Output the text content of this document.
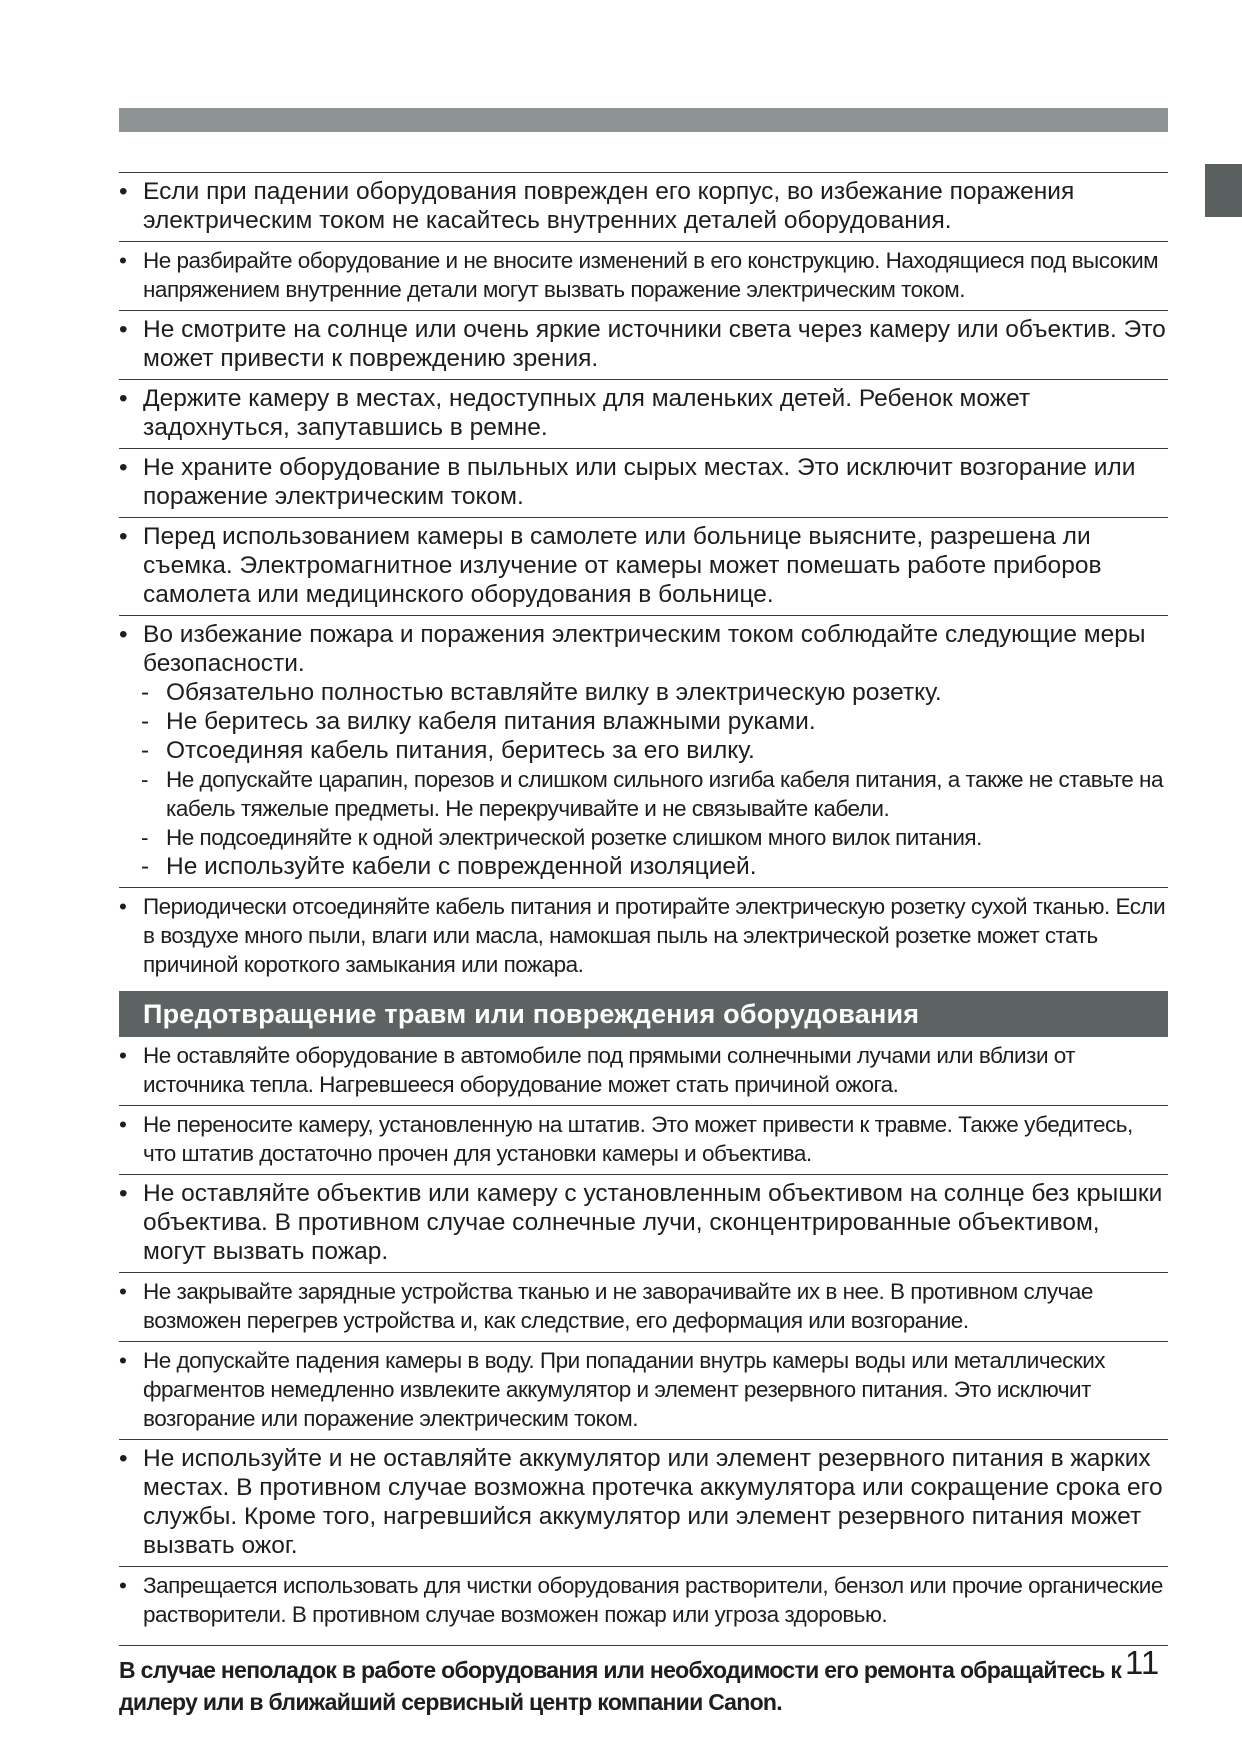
• Если при падении оборудования поврежден его корпус, во избежание поражения электрическим током не касайтесь внутренних деталей оборудования.
• Не разбирайте оборудование и не вносите изменений в его конструкцию. Находящиеся под высоким напряжением внутренние детали могут вызвать поражение электрическим током.
• Не смотрите на солнце или очень яркие источники света через камеру или объектив. Это может привести к повреждению зрения.
• Держите камеру в местах, недоступных для маленьких детей. Ребенок может задохнуться, запутавшись в ремне.
• Не храните оборудование в пыльных или сырых местах. Это исключит возгорание или поражение электрическим током.
• Перед использованием камеры в самолете или больнице выясните, разрешена ли съемка. Электромагнитное излучение от камеры может помешать работе приборов самолета или медицинского оборудования в больнице.
• Во избежание пожара и поражения электрическим током соблюдайте следующие меры безопасности.
- Обязательно полностью вставляйте вилку в электрическую розетку.
- Не беритесь за вилку кабеля питания влажными руками.
- Отсоединяя кабель питания, беритесь за его вилку.
- Не допускайте царапин, порезов и слишком сильного изгиба кабеля питания, а также не ставьте на кабель тяжелые предметы. Не перекручивайте и не связывайте кабели.
- Не подсоединяйте к одной электрической розетке слишком много вилок питания.
- Не используйте кабели с поврежденной изоляцией.
• Периодически отсоединяйте кабель питания и протирайте электрическую розетку сухой тканью. Если в воздухе много пыли, влаги или масла, намокшая пыль на электрической розетке может стать причиной короткого замыкания или пожара.
Предотвращение травм или повреждения оборудования
• Не оставляйте оборудование в автомобиле под прямыми солнечными лучами или вблизи от источника тепла. Нагревшееся оборудование может стать причиной ожога.
• Не переносите камеру, установленную на штатив. Это может привести к травме. Также убедитесь, что штатив достаточно прочен для установки камеры и объектива.
• Не оставляйте объектив или камеру с установленным объективом на солнце без крышки объектива. В противном случае солнечные лучи, сконцентрированные объективом, могут вызвать пожар.
• Не закрывайте зарядные устройства тканью и не заворачивайте их в нее. В противном случае возможен перегрев устройства и, как следствие, его деформация или возгорание.
• Не допускайте падения камеры в воду. При попадании внутрь камеры воды или металлических фрагментов немедленно извлеките аккумулятор и элемент резервного питания. Это исключит возгорание или поражение электрическим током.
• Не используйте и не оставляйте аккумулятор или элемент резервного питания в жарких местах. В противном случае возможна протечка аккумулятора или сокращение срока его службы. Кроме того, нагревшийся аккумулятор или элемент резервного питания может вызвать ожог.
• Запрещается использовать для чистки оборудования растворители, бензол или прочие органические растворители. В противном случае возможен пожар или угроза здоровью.
В случае неполадок в работе оборудования или необходимости его ремонта обращайтесь к дилеру или в ближайший сервисный центр компании Canon.
11
